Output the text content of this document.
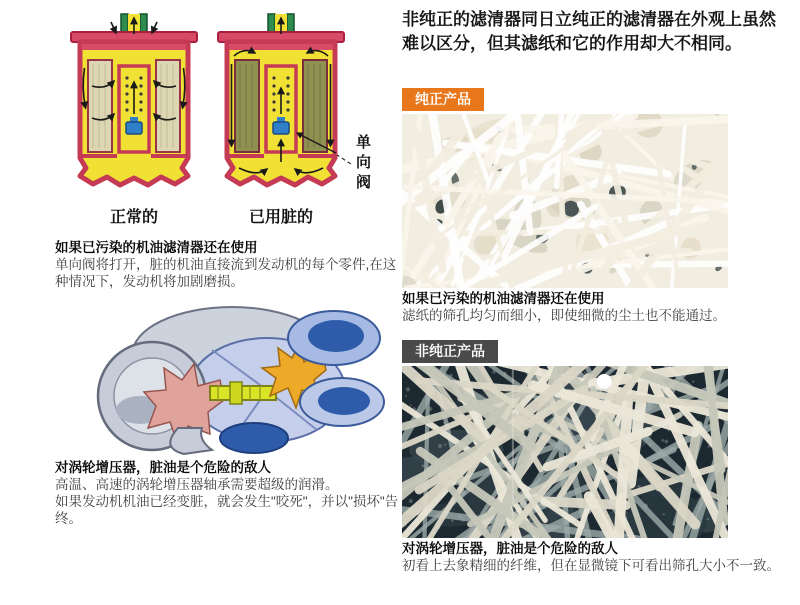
正常的	已用脏的
单向阀
如果已污染的机油滤清器还在使用
单向阀将打开，脏的机油直接流到发动机的每个零件,在这种情况下，发动机将加剧磨损。
对涡轮增压器，脏油是个危险的敌人
高温、高速的涡轮增压器轴承需要超级的润滑。
如果发动机机油已经变脏，就会发生"咬死"，并以"损坏"告终。
非纯正的滤清器同日立纯正的滤清器在外观上虽然难以区分，但其滤纸和它的作用却大不相同。
纯正产品
如果已污染的机油滤清器还在使用
滤纸的筛孔均匀而细小，即使细微的尘土也不能通过。
非纯正产品
对涡轮增压器，脏油是个危险的敌人
初看上去象精细的纤维，但在显微镜下可看出筛孔大小不一致。
